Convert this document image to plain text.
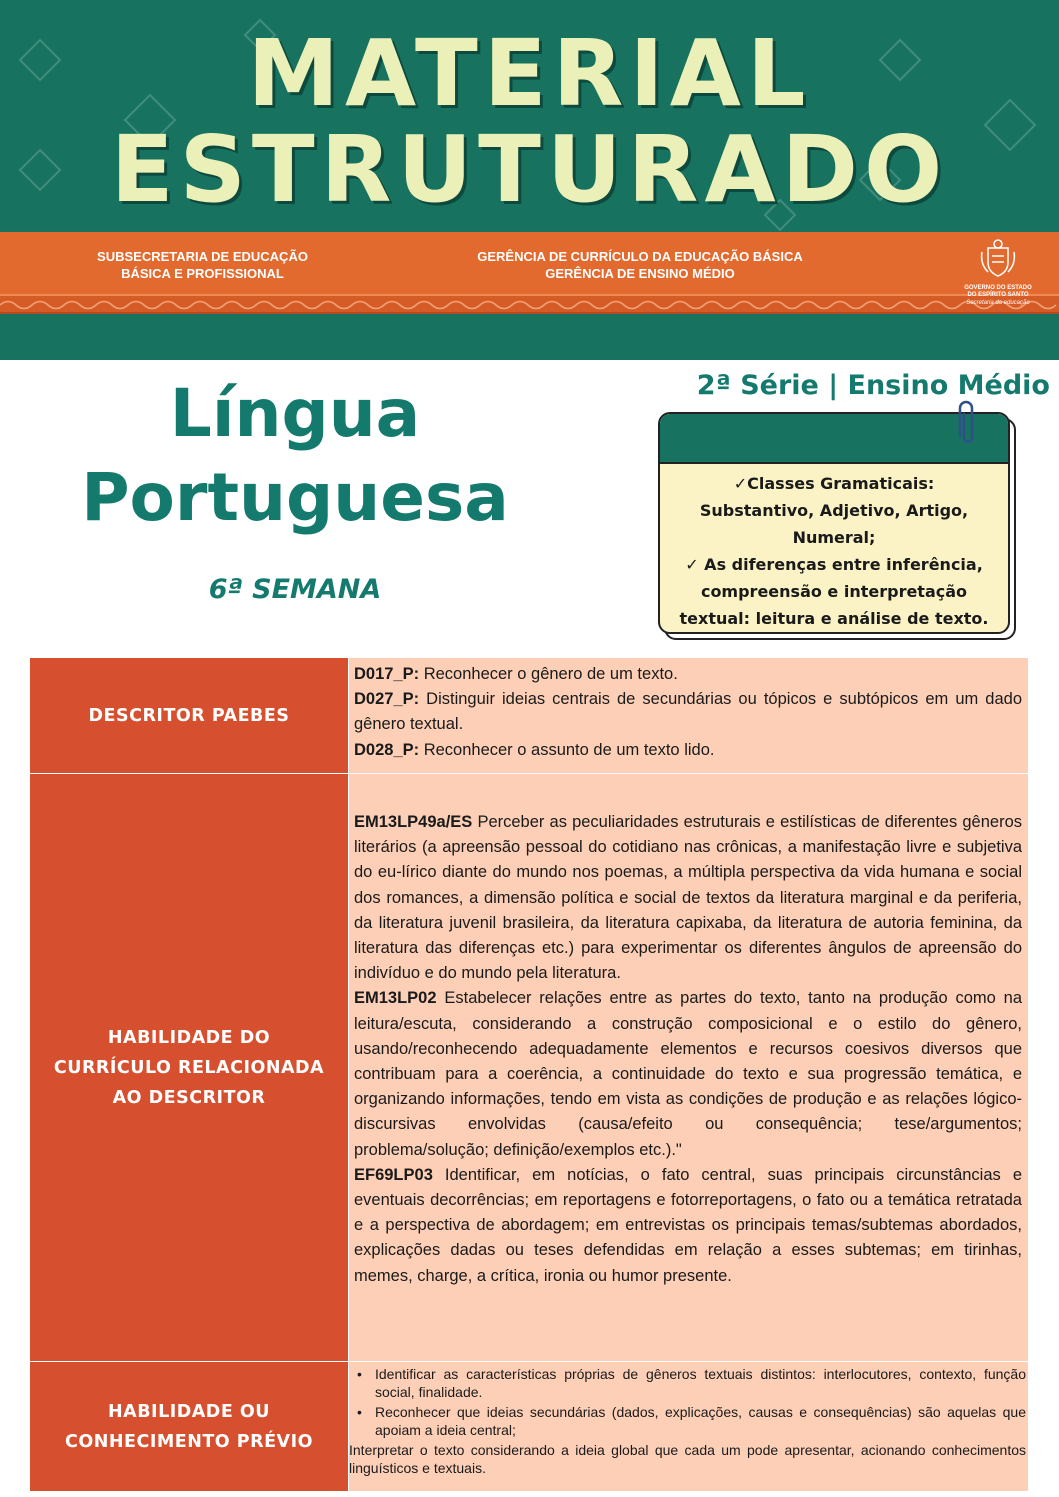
MATERIAL
ESTRUTURADO
SUBSECRETARIA DE EDUCAÇÃO
BÁSICA E PROFISSIONAL
GERÊNCIA DE CURRÍCULO DA EDUCAÇÃO BÁSICA
GERÊNCIA DE ENSINO MÉDIO
GOVERNO DO ESTADO
DO ESPÍRITO SANTO
Secretaria da educação
Língua
Portuguesa
6ª SEMANA
2ª Série | Ensino Médio
✓Classes Gramaticais:
Substantivo, Adjetivo, Artigo,
Numeral;
✓ As diferenças entre inferência,
compreensão e interpretação
textual: leitura e análise de texto.
DESCRITOR PAEBES

D017_P: Reconhecer o gênero de um texto.

D027_P: Distinguir ideias centrais de secundárias ou tópicos e subtópicos em um dado gênero textual.

D028_P: Reconhecer o assunto de um texto lido.

HABILIDADE DO CURRÍCULO RELACIONADA AO DESCRITOR

EM13LP49a/ES Perceber as peculiaridades estruturais e estilísticas de diferentes gêneros literários (a apreensão pessoal do cotidiano nas crônicas, a manifestação livre e subjetiva do eu-lírico diante do mundo nos poemas, a múltipla perspectiva da vida humana e social dos romances, a dimensão política e social de textos da literatura marginal e da periferia, da literatura juvenil brasileira, da literatura capixaba, da literatura de autoria feminina, da literatura das diferenças etc.) para experimentar os diferentes ângulos de apreensão do indivíduo e do mundo pela literatura.

EM13LP02 Estabelecer relações entre as partes do texto, tanto na produção como na leitura/escuta, considerando a construção composicional e o estilo do gênero, usando/reconhecendo adequadamente elementos e recursos coesivos diversos que contribuam para a coerência, a continuidade do texto e sua progressão temática, e organizando informações, tendo em vista as condições de produção e as relações lógico-discursivas envolvidas (causa/efeito ou consequência; tese/argumentos; problema/solução; definição/exemplos etc.)."

EF69LP03 Identificar, em notícias, o fato central, suas principais circunstâncias e eventuais decorrências; em reportagens e fotorreportagens, o fato ou a temática retratada e a perspectiva de abordagem; em entrevistas os principais temas/subtemas abordados, explicações dadas ou teses defendidas em relação a esses subtemas; em tirinhas, memes, charge, a crítica, ironia ou humor presente.

HABILIDADE OU CONHECIMENTO PRÉVIO
• Identificar as características próprias de gêneros textuais distintos: interlocutores, contexto, função social, finalidade.
• Reconhecer que ideias secundárias (dados, explicações, causas e consequências) são aquelas que apoiam a ideia central;
Interpretar o texto considerando a ideia global que cada um pode apresentar, acionando conhecimentos linguísticos e textuais.
